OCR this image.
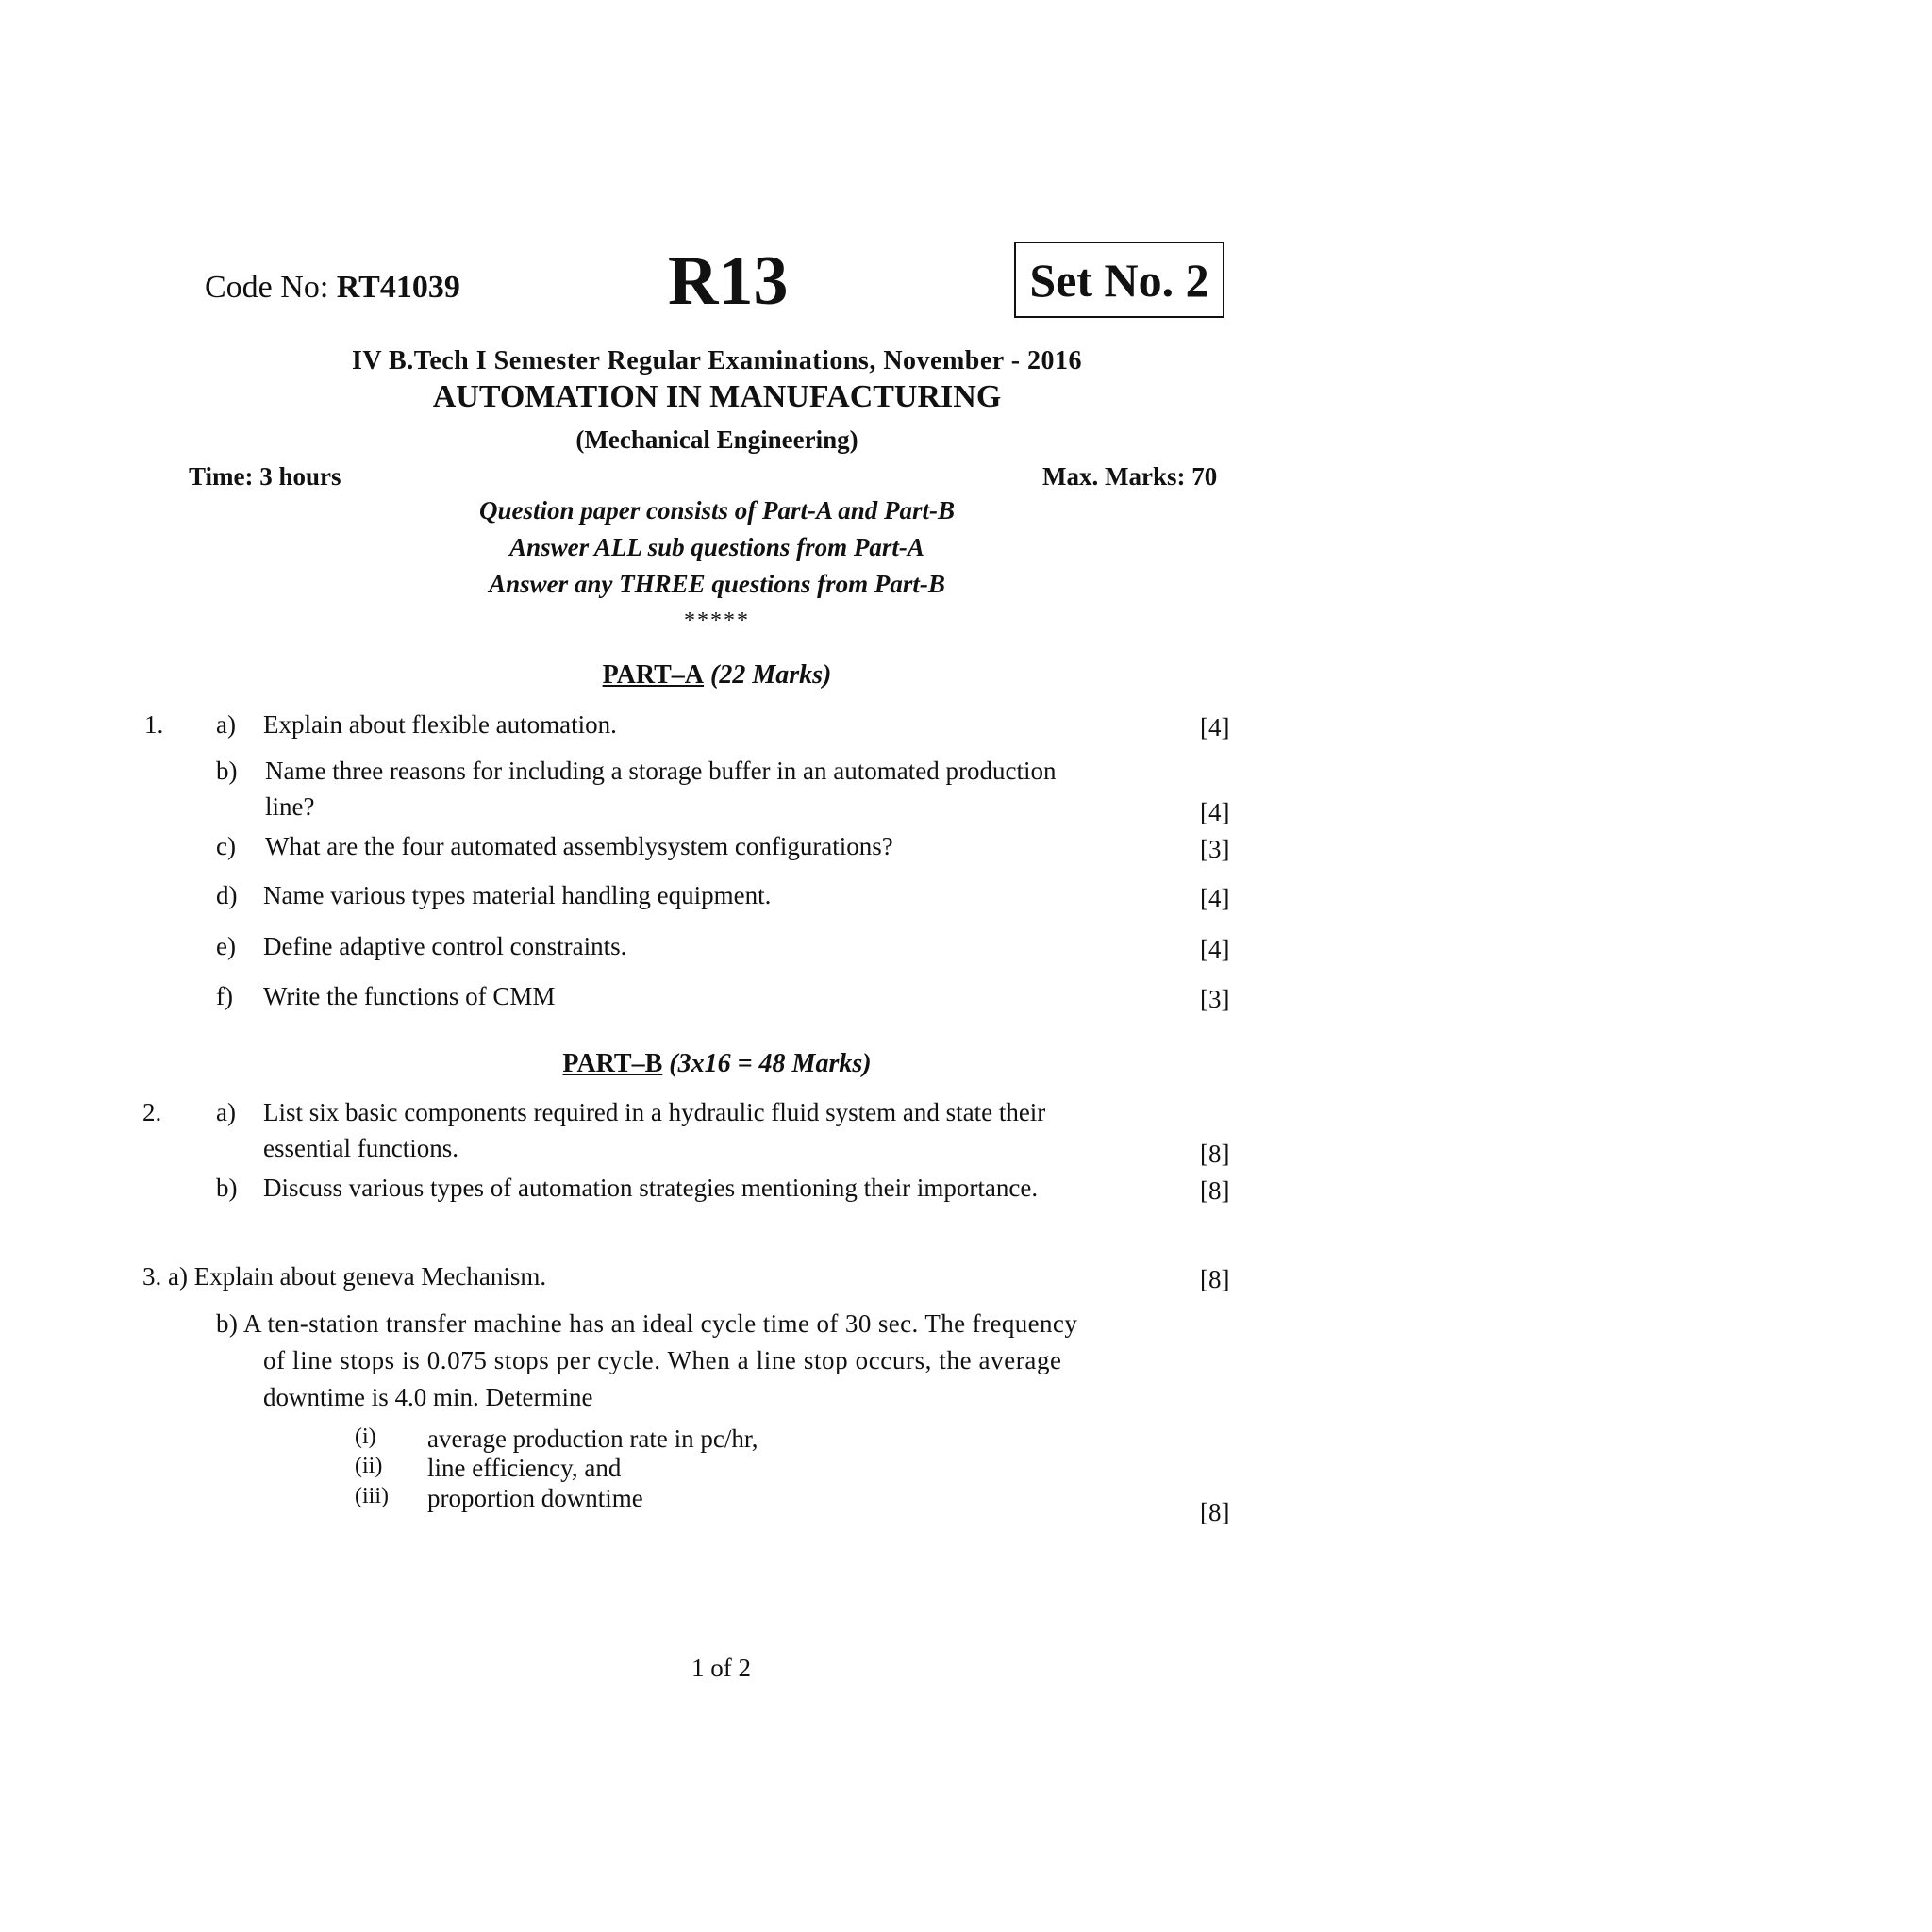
Code No: RT41039	R13	Set No. 2
IV B.Tech I Semester Regular Examinations, November - 2016
AUTOMATION IN MANUFACTURING
(Mechanical Engineering)
Time: 3 hours	Max. Marks: 70
Question paper consists of Part-A and Part-B
Answer ALL sub questions from Part-A
Answer any THREE questions from Part-B
*****
PART–A (22 Marks)
1. a) Explain about flexible automation.	[4]
b) Name three reasons for including a storage buffer in an automated production
line?	[4]
c) What are the four automated assemblysystem configurations?	[3]
d) Name various types material handling equipment.	[4]
e) Define adaptive control constraints.	[4]
f) Write the functions of CMM	[3]
PART–B (3x16 = 48 Marks)
2. a) List six basic components required in a hydraulic fluid system and state their
essential functions.	[8]
b) Discuss various types of automation strategies mentioning their importance.	[8]
3. a) Explain about geneva Mechanism.	[8]
b) A ten-station transfer machine has an ideal cycle time of 30 sec. The frequency
of line stops is 0.075 stops per cycle. When a line stop occurs, the average
downtime is 4.0 min. Determine
(i) average production rate in pc/hr,
(ii) line efficiency, and
(iii) proportion downtime	[8]
1 of 2
